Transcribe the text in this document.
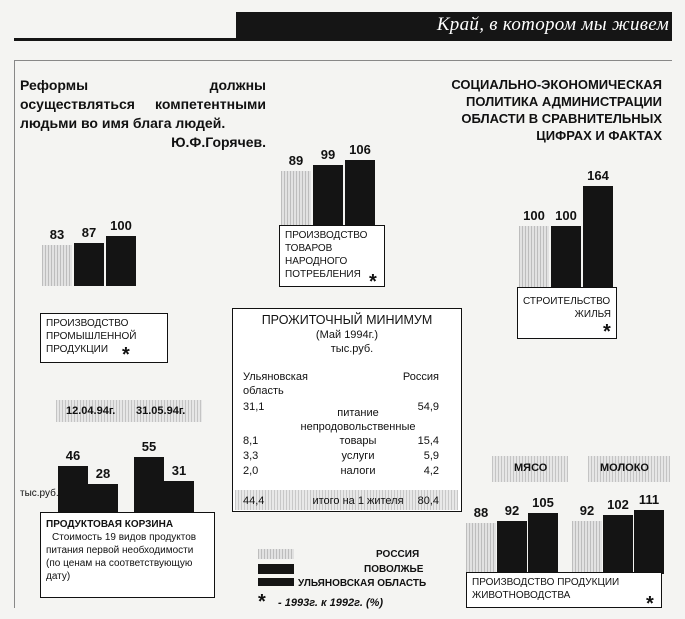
Край, в котором мы живем
Реформы должны осуществляться компетентными людьми во имя блага людей.
Ю.Ф.Горячев.
СОЦИАЛЬНО-ЭКОНОМИЧЕСКАЯ
ПОЛИТИКА АДМИНИСТРАЦИИ
ОБЛАСТИ В СРАВНИТЕЛЬНЫХ
ЦИФРАХ И ФАКТАХ
83	87	100
ПРОИЗВОДСТВО
ПРОМЫШЛЕННОЙ
ПРОДУКЦИИ *
89	99	106
ПРОИЗВОДСТВО
ТОВАРОВ
НАРОДНОГО
ПОТРЕБЛЕНИЯ *
100 100
164
СТРОИТЕЛЬСТВО
ЖИЛЬЯ
*
12.04.94г. 31.05.94г.
46
28
55
31
тыс.руб.
ПРОДУКТОВАЯ КОРЗИНА
Стоимость 19 видов продуктов
питания первой необходимости
(по ценам на соответствующую
дату)
МЯСО	МОЛОКО
88	92
105
92 102 111
ПРОИЗВОДСТВО ПРОДУКЦИИ
ЖИВОТНОВОДСТВА	*
ПРОЖИТОЧНЫЙ МИНИМУМ
(Май 1994г.)
тыс.руб.
Ульяновская	Россия
область
31,1	54,9
питание
непродовольственные
8,1	товары	15,4
3,3	услуги	5,9
2,0	налоги	4,2
44,4	итого на 1 жителя	80,4
РОССИЯ
ПОВОЛЖЬЕ
УЛЬЯНОВСКАЯ ОБЛАСТЬ
* - 1993г. к 1992г. (%)
